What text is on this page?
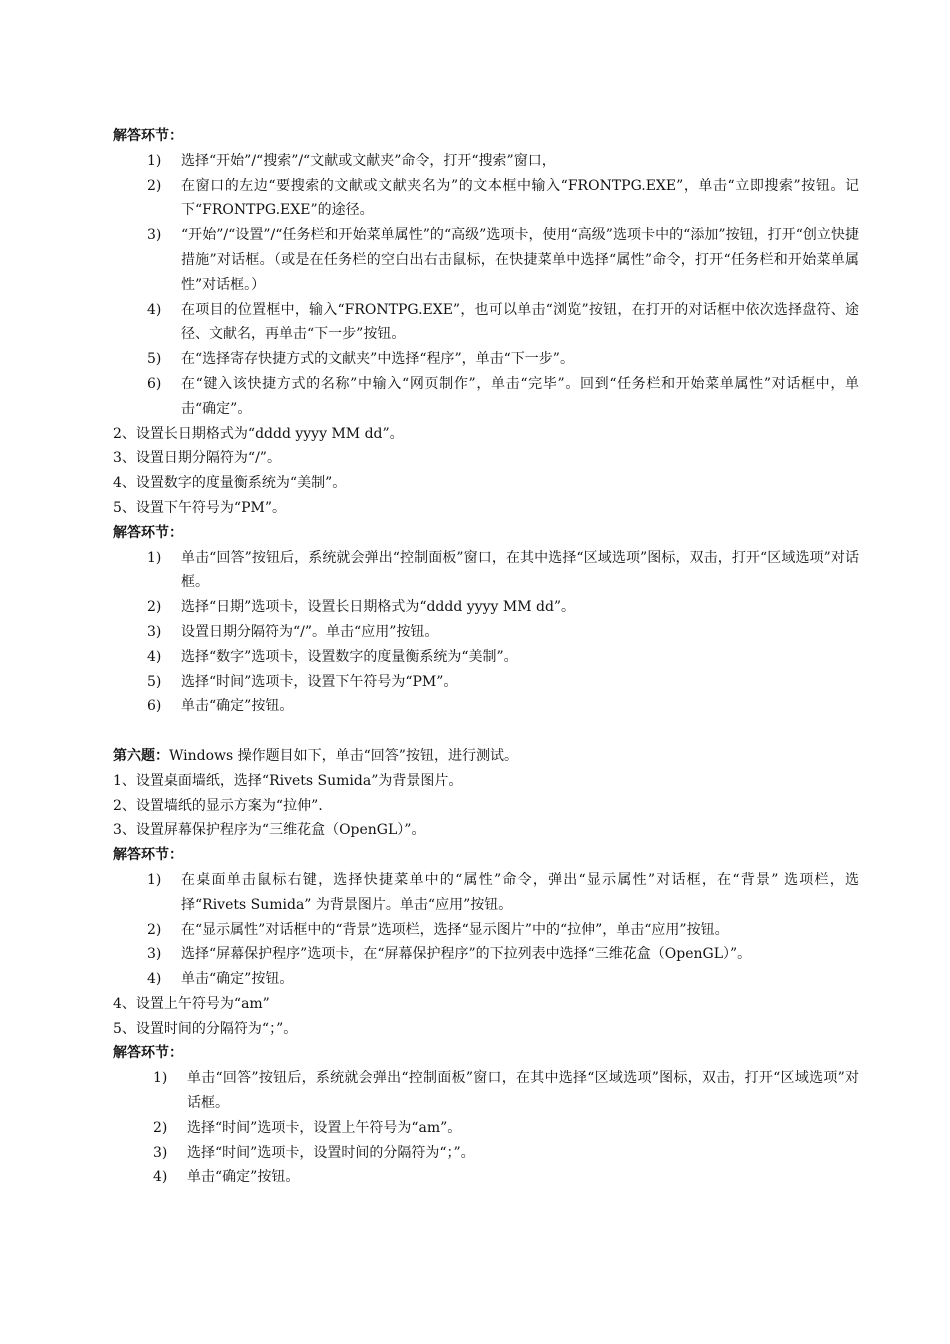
解答环节：
1) 选择“开始”/“搜索”/“文献或文献夹”命令，打开“搜索”窗口，
2) 在窗口的左边“要搜索的文献或文献夹名为”的文本框中输入“FRONTPG.EXE”，单击“立即搜索”按钮。记下“FRONTPG.EXE”的途径。
3) “开始”/“设置”/“任务栏和开始菜单属性”的“高级”选项卡，使用“高级”选项卡中的“添加”按钮，打开“创立快捷措施”对话框。（或是在任务栏的空白出右击鼠标，在快捷菜单中选择“属性”命令，打开“任务栏和开始菜单属性”对话框。）
4) 在项目的位置框中，输入“FRONTPG.EXE”，也可以单击“浏览”按钮，在打开的对话框中依次选择盘符、途径、文献名，再单击“下一步”按钮。
5) 在“选择寄存快捷方式的文献夹”中选择“程序”，单击“下一步”。
6) 在“键入该快捷方式的名称”中输入“网页制作”，单击“完毕”。回到“任务栏和开始菜单属性”对话框中，单击“确定”。
2、设置长日期格式为“dddd yyyy MM dd”。
3、设置日期分隔符为“/”。
4、设置数字的度量衡系统为“美制”。
5、设置下午符号为“PM”。
解答环节：
1) 单击“回答”按钮后，系统就会弹出“控制面板”窗口，在其中选择“区域选项”图标，双击，打开“区域选项”对话框。
2) 选择“日期”选项卡，设置长日期格式为“dddd yyyy MM dd”。
3) 设置日期分隔符为“/”。单击“应用”按钮。
4) 选择“数字”选项卡，设置数字的度量衡系统为“美制”。
5) 选择“时间”选项卡，设置下午符号为“PM”。
6) 单击“确定”按钮。
第六题：Windows 操作题目如下，单击“回答”按钮，进行测试。
1、设置桌面墙纸，选择“Rivets Sumida”为背景图片。
2、设置墙纸的显示方案为“拉伸”.
3、设置屏幕保护程序为“三维花盒（OpenGL）”。
解答环节：
1) 在桌面单击鼠标右键，选择快捷菜单中的“属性”命令，弹出“显示属性”对话框，在“背景” 选项栏，选择“Rivets Sumida” 为背景图片。单击“应用”按钮。
2) 在“显示属性”对话框中的“背景”选项栏，选择“显示图片”中的“拉伸”，单击“应用”按钮。
3) 选择“屏幕保护程序”选项卡，在“屏幕保护程序”的下拉列表中选择“三维花盒（OpenGL）”。
4) 单击“确定”按钮。
4、设置上午符号为“am”
5、设置时间的分隔符为“；”。
解答环节：
1) 单击“回答”按钮后，系统就会弹出“控制面板”窗口，在其中选择“区域选项”图标，双击，打开“区域选项”对话框。
2) 选择“时间”选项卡，设置上午符号为“am”。
3) 选择“时间”选项卡，设置时间的分隔符为“；”。
4) 单击“确定”按钮。
